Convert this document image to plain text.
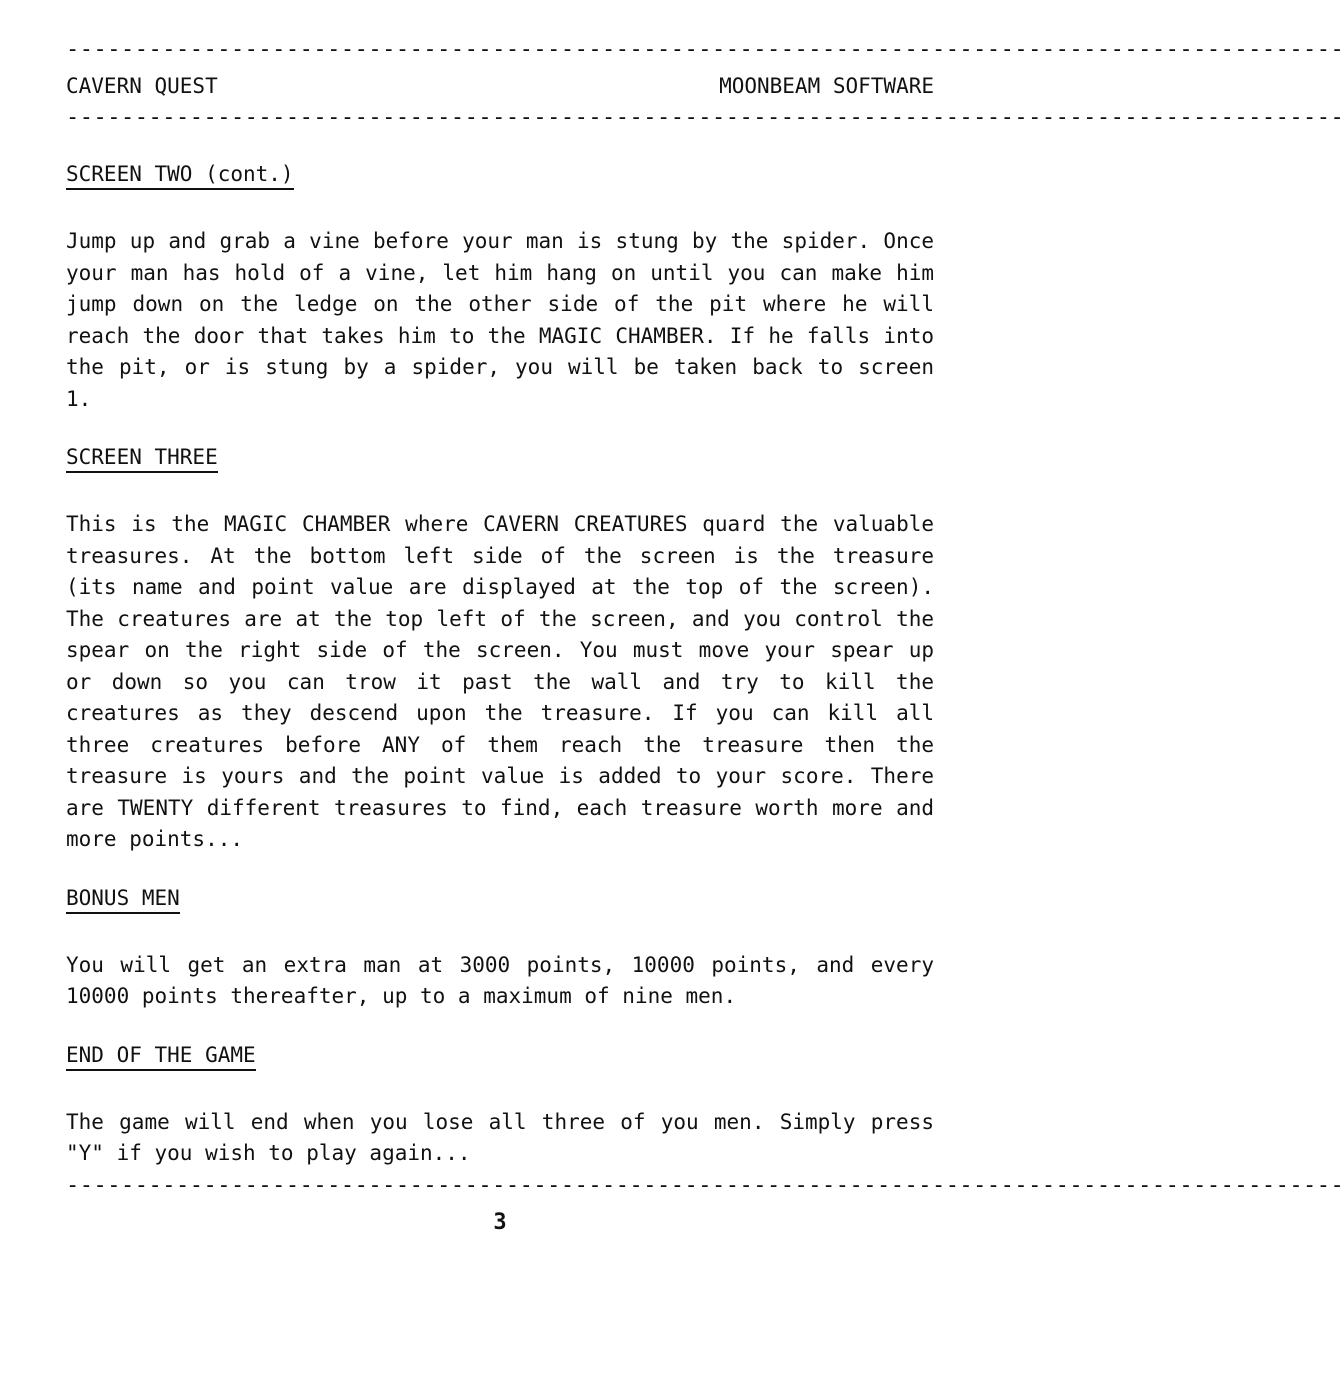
---------------------------------------------------------------------------------------------
CAVERN QUEST	MOONBEAM SOFTWARE
---------------------------------------------------------------------------------------------
SCREEN TWO (cont.)

Jump up and grab a vine before your man is stung by the spider. Once your man has hold of a vine, let him hang on until you can make him jump down on the ledge on the other side of the pit where he will reach the door that takes him to the MAGIC CHAMBER. If he falls into the pit, or is stung by a spider, you will be taken back to screen 1.

SCREEN THREE

This is the MAGIC CHAMBER where CAVERN CREATURES quard the valuable treasures. At the bottom left side of the screen is the treasure (its name and point value are displayed at the top of the screen). The creatures are at the top left of the screen, and you control the spear on the right side of the screen. You must move your spear up or down so you can trow it past the wall and try to kill the creatures as they descend upon the treasure. If you can kill all three creatures before ANY of them reach the treasure then the treasure is yours and the point value is added to your score. There are TWENTY different treasures to find, each treasure worth more and more points...

BONUS MEN

You will get an extra man at 3000 points, 10000 points, and every 10000 points thereafter, up to a maximum of nine men.

END OF THE GAME

The game will end when you lose all three of you men. Simply press "Y" if you wish to play again...

---------------------------------------------------------------------------------------------
3
